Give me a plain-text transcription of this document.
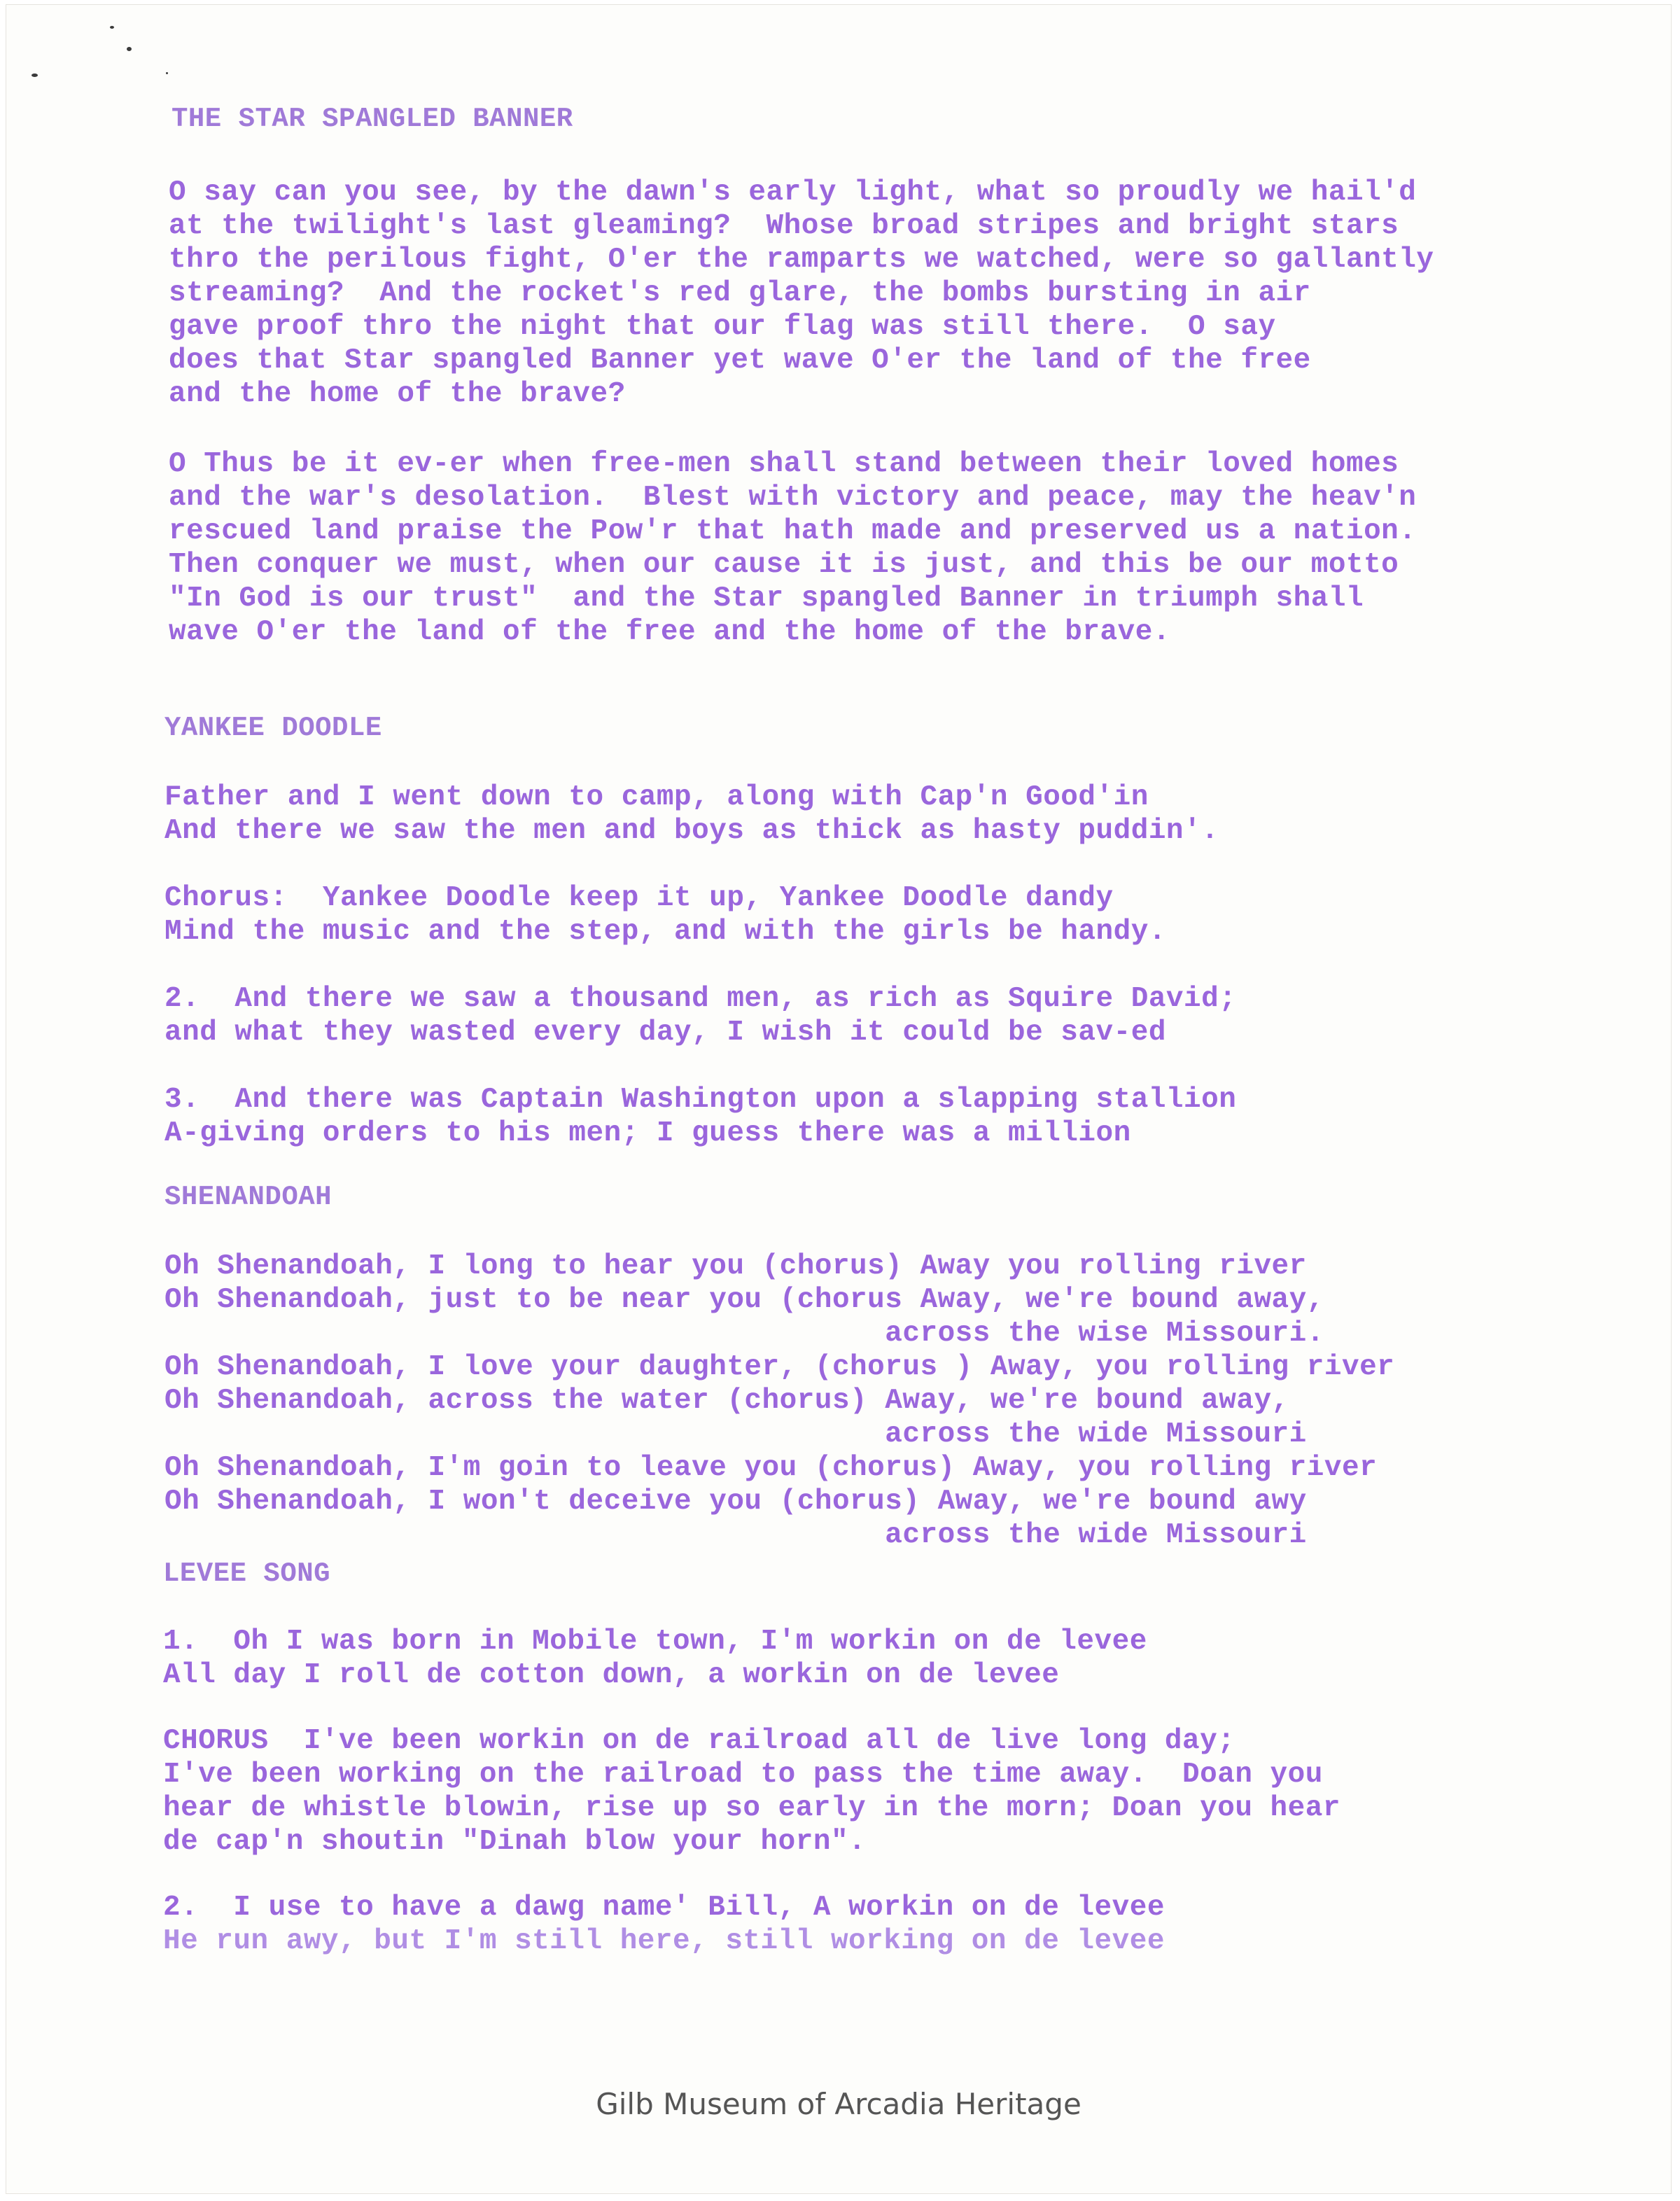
THE STAR SPANGLED BANNER
O say can you see, by the dawn's early light, what so proudly we hail'd
at the twilight's last gleaming?  Whose broad stripes and bright stars
thro the perilous fight, O'er the ramparts we watched, were so gallantly
streaming?  And the rocket's red glare, the bombs bursting in air
gave proof thro the night that our flag was still there.  O say
does that Star spangled Banner yet wave O'er the land of the free
and the home of the brave?
O Thus be it ev-er when free-men shall stand between their loved homes
and the war's desolation.  Blest with victory and peace, may the heav'n
rescued land praise the Pow'r that hath made and preserved us a nation.
Then conquer we must, when our cause it is just, and this be our motto
"In God is our trust"  and the Star spangled Banner in triumph shall
wave O'er the land of the free and the home of the brave.
YANKEE DOODLE
Father and I went down to camp, along with Cap'n Good'in
And there we saw the men and boys as thick as hasty puddin'.
Chorus:  Yankee Doodle keep it up, Yankee Doodle dandy
Mind the music and the step, and with the girls be handy.
2.  And there we saw a thousand men, as rich as Squire David;
and what they wasted every day, I wish it could be sav-ed
3.  And there was Captain Washington upon a slapping stallion
A-giving orders to his men; I guess there was a million
SHENANDOAH
Oh Shenandoah, I long to hear you (chorus) Away you rolling river
Oh Shenandoah, just to be near you (chorus Away, we're bound away,
across the wise Missouri.
Oh Shenandoah, I love your daughter, (chorus ) Away, you rolling river
Oh Shenandoah, across the water (chorus) Away, we're bound away,
across the wide Missouri
Oh Shenandoah, I'm goin to leave you (chorus) Away, you rolling river
Oh Shenandoah, I won't deceive you (chorus) Away, we're bound awy
across the wide Missouri
LEVEE SONG
1.  Oh I was born in Mobile town, I'm workin on de levee
All day I roll de cotton down, a workin on de levee
CHORUS  I've been workin on de railroad all de live long day;
I've been working on the railroad to pass the time away.  Doan you
hear de whistle blowin, rise up so early in the morn; Doan you hear
de cap'n shoutin "Dinah blow your horn".
2.  I use to have a dawg name' Bill, A workin on de levee
He run awy, but I'm still here, still working on de levee
Gilb Museum of Arcadia Heritage
